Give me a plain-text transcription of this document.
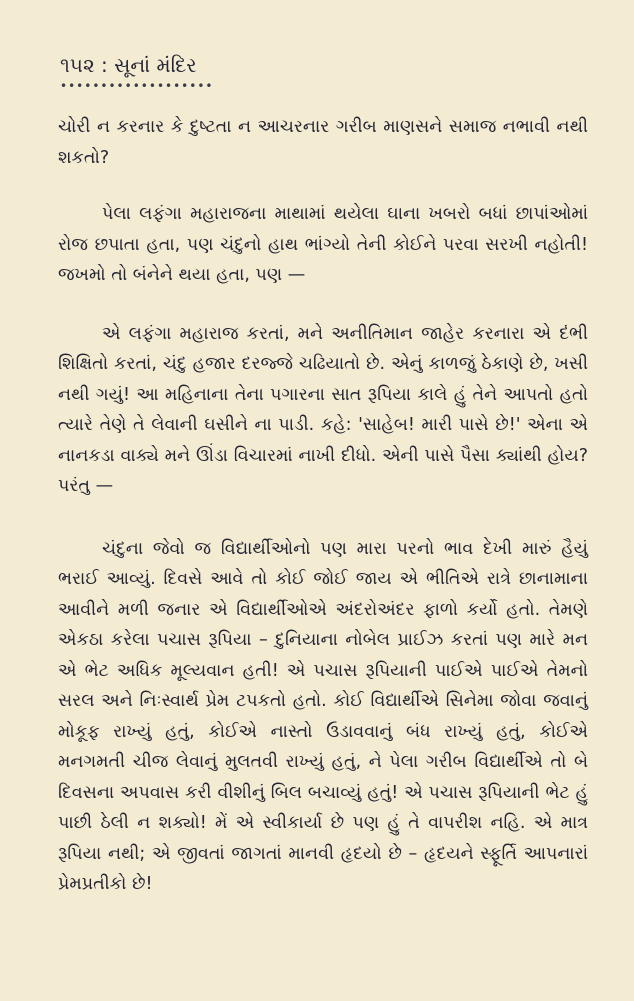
૧૫૨ : સૂનાં મંદિર
•••••••••••••••••••

ચોરી ન કરનાર કે દુષ્ટતા ન આચરનાર ગરીબ માણસને સમાજ નભાવી નથી શકતો?

પેલા લફંગા મહારાજના માથામાં થયેલા ઘાના ખબરો બધાં છાપાંઓમાં રોજ છપાતા હતા, પણ ચંદુનો હાથ ભાંગ્યો તેની કોઈને પરવા સરખી નહોતી! જખમો તો બંનેને થયા હતા, પણ —

એ લફંગા મહારાજ કરતાં, મને અનીતિમાન જાહેર કરનારા એ દંભી શિક્ષિતો કરતાં, ચંદુ હજાર દરજ્જે ચઢિયાતો છે. એનું કાળજું ઠેકાણે છે, ખસી નથી ગયું! આ મહિનાના તેના પગારના સાત રૂપિયા કાલે હું તેને આપતો હતો ત્યારે તેણે તે લેવાની ઘસીને ના પાડી. કહે: 'સાહેબ! મારી પાસે છે!' એના એ નાનકડા વાક્યે મને ઊંડા વિચારમાં નાખી દીધો. એની પાસે પૈસા ક્યાંથી હોય? પરંતુ —

ચંદુના જેવો જ વિદ્યાર્થીઓનો પણ મારા પરનો ભાવ દેખી મારું હૈયું ભરાઈ આવ્યું. દિવસે આવે તો કોઈ જોઈ જાય એ ભીતિએ રાત્રે છાનામાના આવીને મળી જનાર એ વિદ્યાર્થીઓએ અંદરોઅંદર ફાળો કર્યો હતો. તેમણે એકઠા કરેલા પચાસ રૂપિયા – દુનિયાના નોબેલ પ્રાઈઝ કરતાં પણ મારે મન એ ભેટ અધિક મૂલ્યવાન હતી! એ પચાસ રૂપિયાની પાઈએ પાઈએ તેમનો સરલ અને નિઃસ્વાર્થ પ્રેમ ટપકતો હતો. કોઈ વિદ્યાર્થીએ સિનેમા જોવા જવાનું મોકૂફ રાખ્યું હતું, કોઈએ નાસ્તો ઉડાવવાનું બંધ રાખ્યું હતું, કોઈએ મનગમતી ચીજ લેવાનું મુલતવી રાખ્યું હતું, ને પેલા ગરીબ વિદ્યાર્થીએ તો બે દિવસના અપવાસ કરી વીશીનું બિલ બચાવ્યું હતું! એ પચાસ રૂપિયાની ભેટ હું પાછી ઠેલી ન શક્યો! મેં એ સ્વીકાર્યા છે પણ હું તે વાપરીશ નહિ. એ માત્ર રૂપિયા નથી; એ જીવતાં જાગતાં માનવી હૃદયો છે – હૃદયને સ્ફૂર્તિ આપનારાં પ્રેમપ્રતીકો છે!
